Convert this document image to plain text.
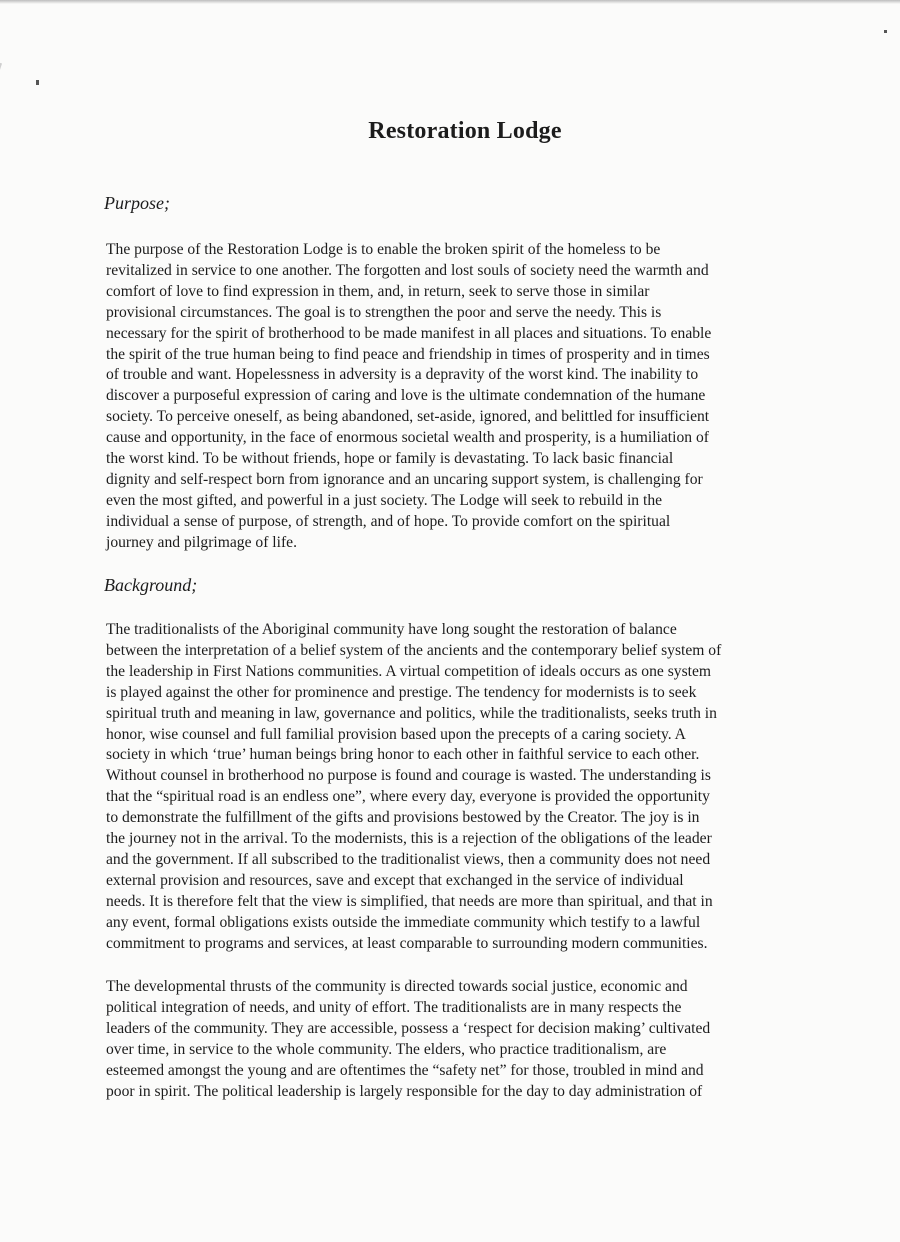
Restoration Lodge
Purpose;
The purpose of the Restoration Lodge is to enable the broken spirit of the homeless to be
revitalized in service to one another. The forgotten and lost souls of society need the warmth and
comfort of love to find expression in them, and, in return, seek to serve those in similar
provisional circumstances. The goal is to strengthen the poor and serve the needy. This is
necessary for the spirit of brotherhood to be made manifest in all places and situations. To enable
the spirit of the true human being to find peace and friendship in times of prosperity and in times
of trouble and want. Hopelessness in adversity is a depravity of the worst kind. The inability to
discover a purposeful expression of caring and love is the ultimate condemnation of the humane
society. To perceive oneself, as being abandoned, set-aside, ignored, and belittled for insufficient
cause and opportunity, in the face of enormous societal wealth and prosperity, is a humiliation of
the worst kind. To be without friends, hope or family is devastating. To lack basic financial
dignity and self-respect born from ignorance and an uncaring support system, is challenging for
even the most gifted, and powerful in a just society. The Lodge will seek to rebuild in the
individual a sense of purpose, of strength, and of hope. To provide comfort on the spiritual
journey and pilgrimage of life.
Background;
The traditionalists of the Aboriginal community have long sought the restoration of balance
between the interpretation of a belief system of the ancients and the contemporary belief system of
the leadership in First Nations communities. A virtual competition of ideals occurs as one system
is played against the other for prominence and prestige. The tendency for modernists is to seek
spiritual truth and meaning in law, governance and politics, while the traditionalists, seeks truth in
honor, wise counsel and full familial provision based upon the precepts of a caring society. A
society in which ‘true’ human beings bring honor to each other in faithful service to each other.
Without counsel in brotherhood no purpose is found and courage is wasted. The understanding is
that the “spiritual road is an endless one”, where every day, everyone is provided the opportunity
to demonstrate the fulfillment of the gifts and provisions bestowed by the Creator. The joy is in
the journey not in the arrival. To the modernists, this is a rejection of the obligations of the leader
and the government. If all subscribed to the traditionalist views, then a community does not need
external provision and resources, save and except that exchanged in the service of individual
needs. It is therefore felt that the view is simplified, that needs are more than spiritual, and that in
any event, formal obligations exists outside the immediate community which testify to a lawful
commitment to programs and services, at least comparable to surrounding modern communities.
The developmental thrusts of the community is directed towards social justice, economic and
political integration of needs, and unity of effort. The traditionalists are in many respects the
leaders of the community. They are accessible, possess a ‘respect for decision making’ cultivated
over time, in service to the whole community. The elders, who practice traditionalism, are
esteemed amongst the young and are oftentimes the “safety net” for those, troubled in mind and
poor in spirit. The political leadership is largely responsible for the day to day administration of
